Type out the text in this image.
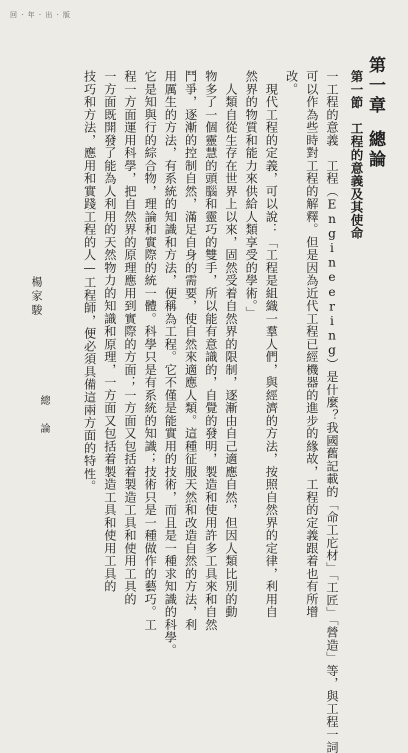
回 · 年 · 出 · 版
第一章總論
楊家駿
第一節　工程的意義及其使命
一工程的意義　工程（Engineering）是什麼？我國舊記載的「命工庀材」「工匠」「營造」等，與工程一詞
可以作為些時對工程的解釋。但是因為近代工程已經機器的進步的緣故，工程的定義跟着也有所增
改。
　現代工程的定義，可以說：「工程是組織一羣人們，與經濟的方法，按照自然界的定律，利用自
然界的物質和能力來供給人類享受的學術。」
　人類自從生存在世界上以來，固然受着自然界的限制，逐漸由自己適應自然，但因人類比別的動
物多了一個靈慧的頭腦和靈巧的雙手，所以能有意識的，自覺的發明，製造和使用許多工具來和自然
鬥爭，逐漸的控制自然，滿足自身的需要，使自然來適應人類。這種征服天然和改造自然的方法，利
用厲生的方法，有系統的知識和方法，便稱為工程。它不僅是能實用的技術，而且是一種求知識的科學。
它是知與行的綜合物，理論和實際的統一體。科學只是有系統的知識；技術只是一種做作的藝巧。工
程一方面運用科學，把自然界的原理應用到實際的方面；一方面又包括着製造工具和使用工具的
一方面既開發了能為人利用的天然物力的知識和原理，一方面又包括着製造工具和使用工具的
技巧和方法，應用和實踐工程的人—工程師，便必須具備這兩方面的特性。
總　論
